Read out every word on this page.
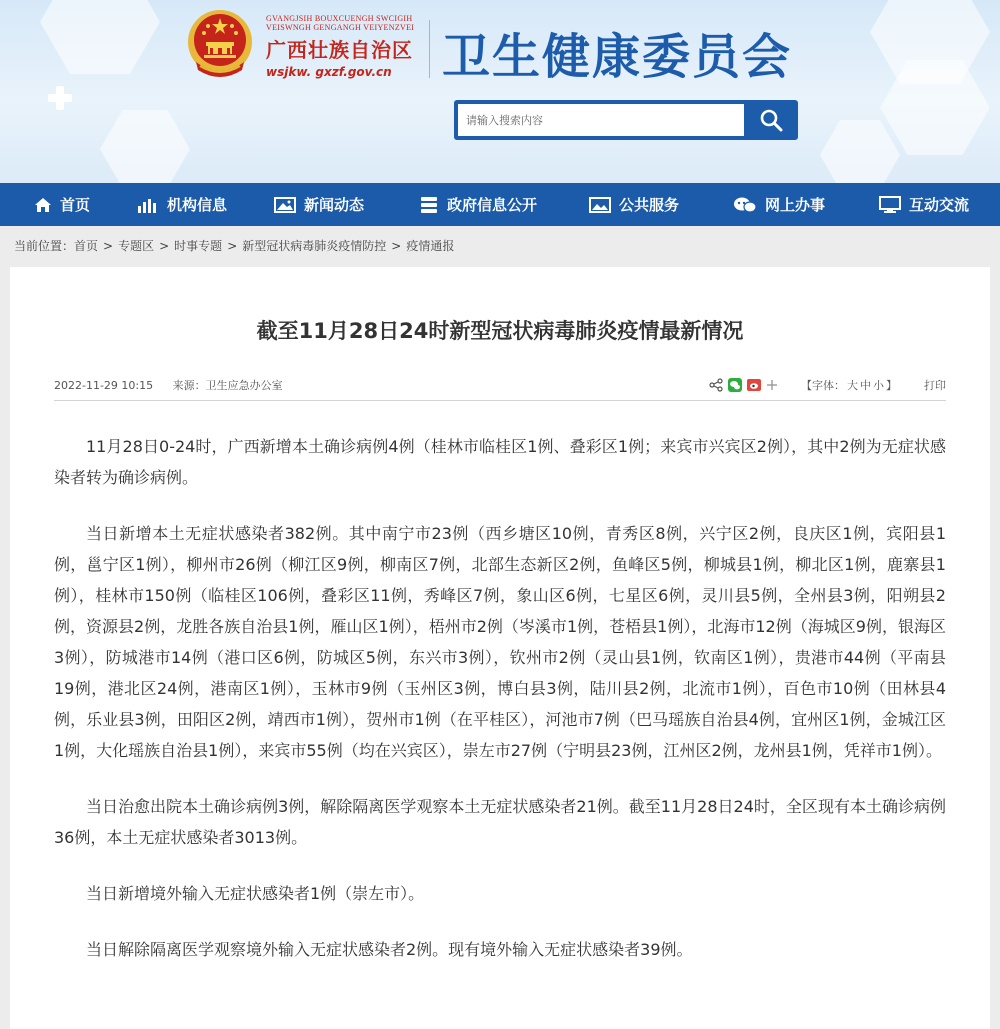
GVANGJSIH BOUXCUENGH SWCIGIH
VEISWNGH GENGANGH VEIYENZVEI
广西壮族自治区
wsjkw. gxzf.gov.cn	卫生健康委员会
请输入搜索内容
首页	机构信息	新闻动态	政府信息公开	公共服务	网上办事	互动交流
当前位置：首页 > 专题区 > 时事专题 > 新型冠状病毒肺炎疫情防控 > 疫情通报
截至11月28日24时新型冠状病毒肺炎疫情最新情况
2022-11-29 10:15 来源：卫生应急办公室	【字体： 大 中 小 】 打印

11月28日0-24时，广西新增本土确诊病例4例（桂林市临桂区1例、叠彩区1例；来宾市兴宾区2例），其中2例为无症状感染者转为确诊病例。

当日新增本土无症状感染者382例。其中南宁市23例（西乡塘区10例，青秀区8例，兴宁区2例，良庆区1例，宾阳县1例，邕宁区1例），柳州市26例（柳江区9例，柳南区7例，北部生态新区2例，鱼峰区5例，柳城县1例，柳北区1例，鹿寨县1例），桂林市150例（临桂区106例，叠彩区11例，秀峰区7例，象山区6例，七星区6例，灵川县5例，全州县3例，阳朔县2例，资源县2例，龙胜各族自治县1例，雁山区1例），梧州市2例（岑溪市1例，苍梧县1例），北海市12例（海城区9例，银海区3例），防城港市14例（港口区6例，防城区5例，东兴市3例），钦州市2例（灵山县1例，钦南区1例），贵港市44例（平南县19例，港北区24例，港南区1例），玉林市9例（玉州区3例，博白县3例，陆川县2例，北流市1例），百色市10例（田林县4例，乐业县3例，田阳区2例，靖西市1例），贺州市1例（在平桂区），河池市7例（巴马瑶族自治县4例，宜州区1例，金城江区1例，大化瑶族自治县1例），来宾市55例（均在兴宾区），崇左市27例（宁明县23例，江州区2例，龙州县1例，凭祥市1例）。

当日治愈出院本土确诊病例3例，解除隔离医学观察本土无症状感染者21例。截至11月28日24时，全区现有本土确诊病例36例，本土无症状感染者3013例。

当日新增境外输入无症状感染者1例（崇左市）。

当日解除隔离医学观察境外输入无症状感染者2例。现有境外输入无症状感染者39例。
